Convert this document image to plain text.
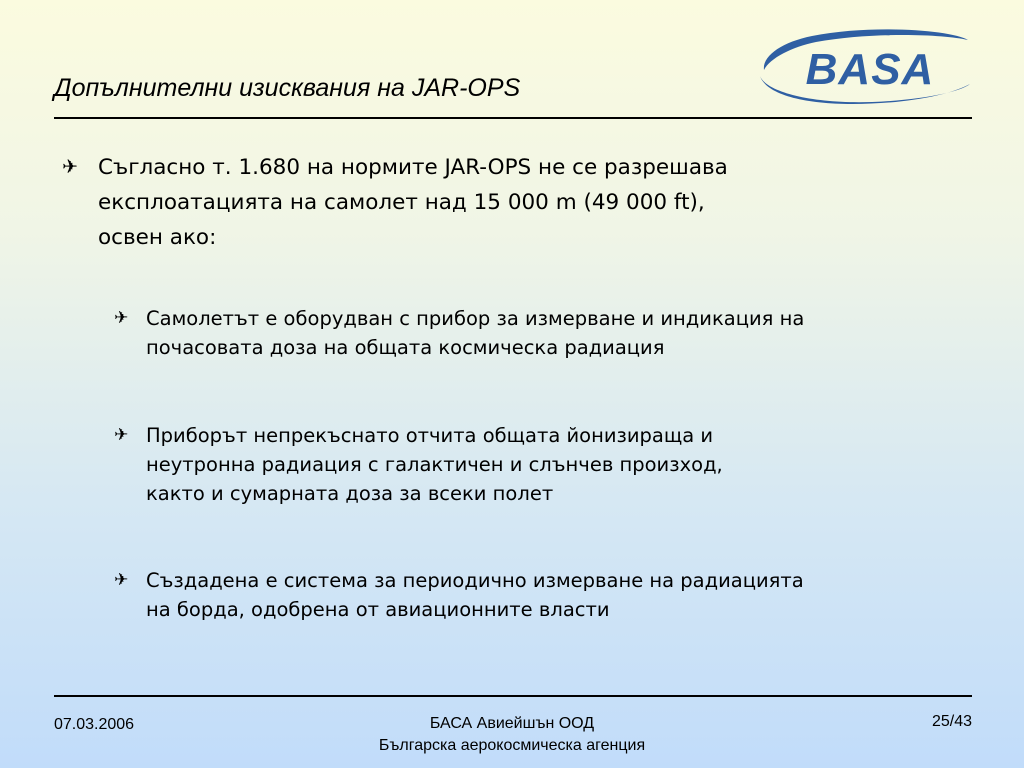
Допълнителни изисквания на JAR-OPS	BASA
✈ Съгласно т. 1.680 на нормите JAR-OPS не се разрешава
експлоатацията на самолет над 15 000 m (49 000 ft),
освен ако:
✈ Самолетът е оборудван с прибор за измерване и индикация на
почасовата доза на общата космическа радиация
✈ Приборът непрекъснато отчита общата йонизираща и
неутронна радиация с галактичен и слънчев произход,
както и сумарната доза за всеки полет
✈ Създадена е система за периодично измерване на радиацията
на борда, одобрена от авиационните власти
07.03.2006	БАСА Авиейшън ООД
Българска аерокосмическа агенция
25/43
